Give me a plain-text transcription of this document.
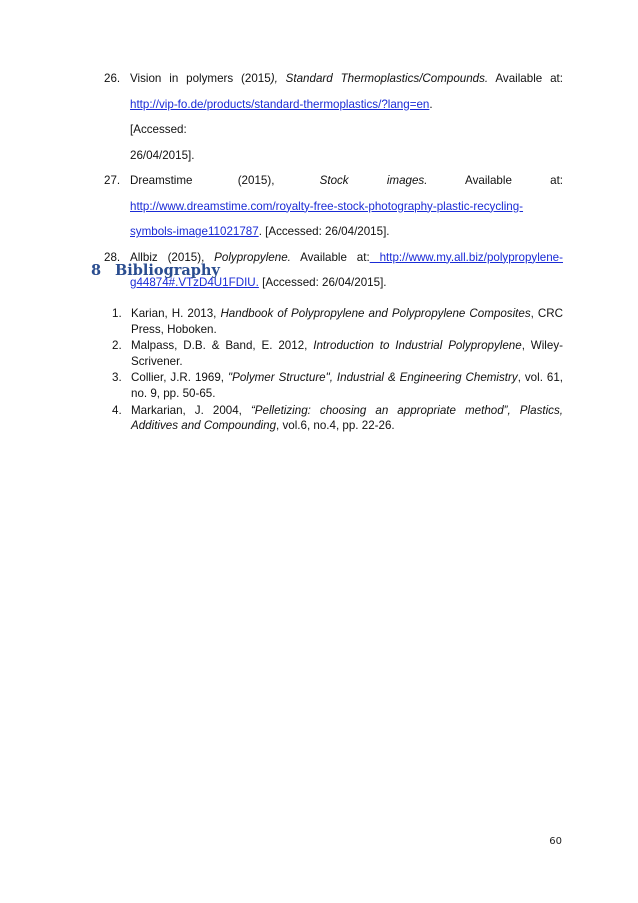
26. Vision in polymers (2015), Standard Thermoplastics/Compounds. Available at:
http://vip-fo.de/products/standard-thermoplastics/?lang=en.                             [Accessed:
26/04/2015].
27. Dreamstime	(2015),	Stock	images.	Available	at:
http://www.dreamstime.com/royalty-free-stock-photography-plastic-recycling-
symbols-image11021787. [Accessed: 26/04/2015].
28. Allbiz (2015), Polypropylene. Available at: http://www.my.all.biz/polypropylene-
g44874#.VTzD4U1FDIU. [Accessed: 26/04/2015].
8 Bibliography
1. Karian, H. 2013, Handbook of Polypropylene and Polypropylene Composites, CRC Press, Hoboken.
2. Malpass, D.B. & Band, E. 2012, Introduction to Industrial Polypropylene, Wiley-Scrivener.
3. Collier, J.R. 1969, "Polymer Structure", Industrial & Engineering Chemistry, vol. 61, no. 9, pp. 50-65.
4. Markarian, J. 2004, “Pelletizing: choosing an appropriate method”, Plastics, Additives and Compounding, vol.6, no.4, pp. 22-26.
60
